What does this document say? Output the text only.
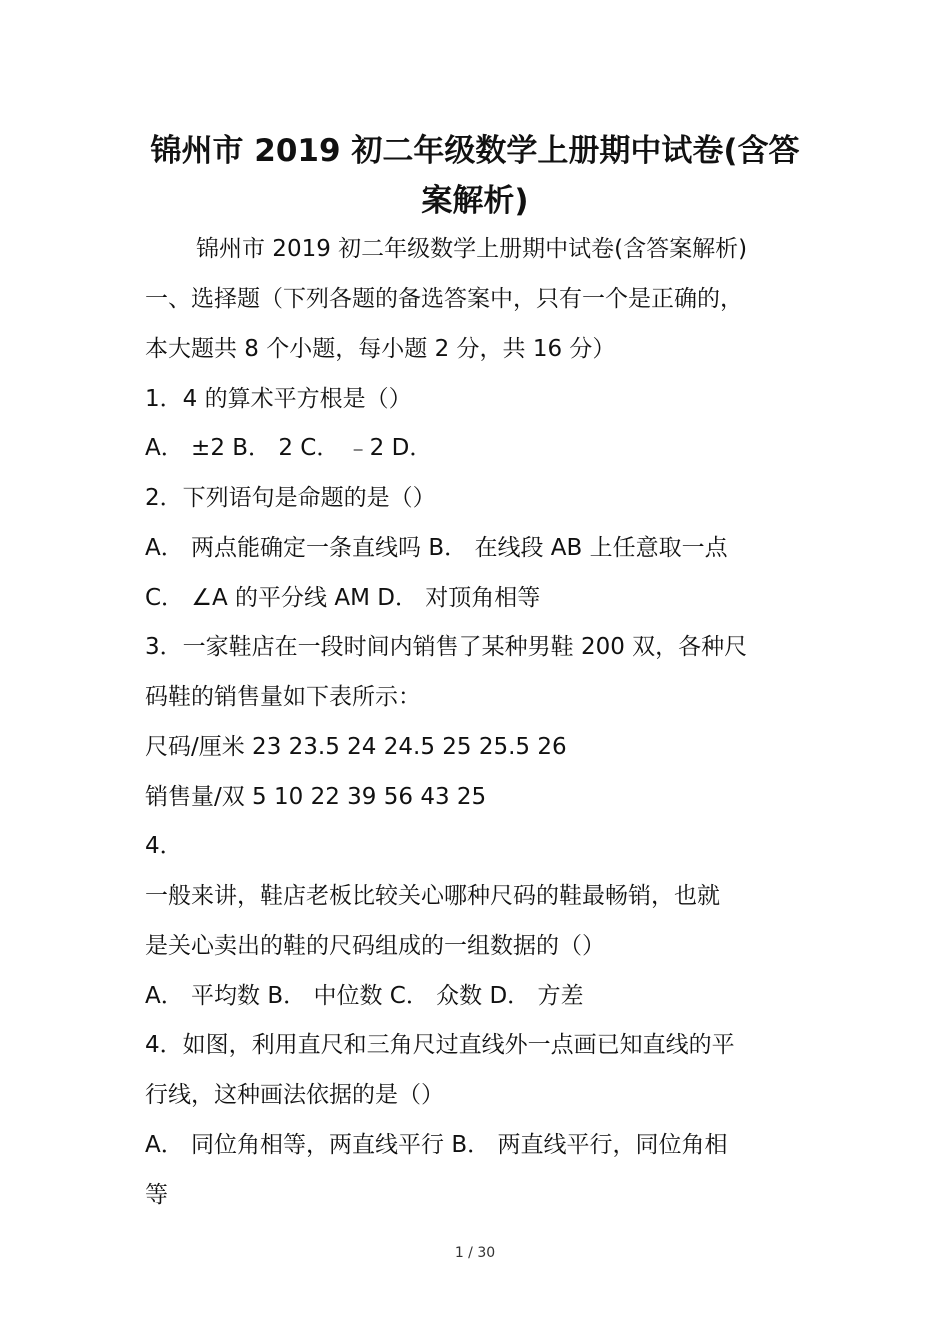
锦州市 2019 初二年级数学上册期中试卷(含答
案解析)
锦州市 2019 初二年级数学上册期中试卷(含答案解析)
一、选择题（下列各题的备选答案中，只有一个是正确的，
本大题共 8 个小题，每小题 2 分，共 16 分）
1．4 的算术平方根是（）
A． ±2 B． 2 C． ﹣2 D．
2．下列语句是命题的是（）
A． 两点能确定一条直线吗 B． 在线段 AB 上任意取一点
C． ∠A 的平分线 AM D． 对顶角相等
3．一家鞋店在一段时间内销售了某种男鞋 200 双，各种尺
码鞋的销售量如下表所示：
尺码/厘米 23 23.5 24 24.5 25 25.5 26
销售量/双 5 10 22 39 56 43 25
4．
一般来讲，鞋店老板比较关心哪种尺码的鞋最畅销，也就
是关心卖出的鞋的尺码组成的一组数据的（）
A． 平均数 B． 中位数 C． 众数 D． 方差
4．如图，利用直尺和三角尺过直线外一点画已知直线的平
行线，这种画法依据的是（）
A． 同位角相等，两直线平行 B． 两直线平行，同位角相
等
1 / 30
